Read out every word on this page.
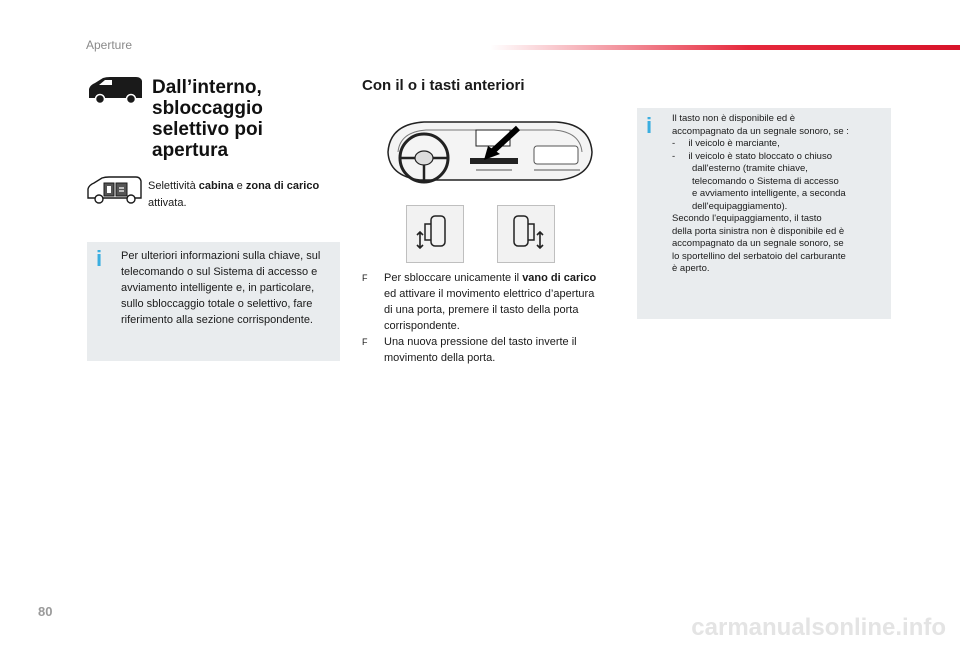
Aperture
Dall’interno, sbloccaggio selettivo poi apertura
Selettività cabina e zona di carico attivata.
i Per ulteriori informazioni sulla chiave, sul telecomando o sul Sistema di accesso e avviamento intelligente e, in particolare, sullo sbloccaggio totale o selettivo, fare riferimento alla sezione corrispondente.
Con il o i tasti anteriori
F	Per sbloccare unicamente il vano di carico ed attivare il movimento elettrico d’apertura di una porta, premere il tasto della porta corrispondente.
F	Una nuova pressione del tasto inverte il movimento della porta.
i Il tasto non è disponibile ed è
accompagnato da un segnale sonoro, se :
-     il veicolo è marciante,
-     il veicolo è stato bloccato o chiuso
dall'esterno (tramite chiave,
telecomando o Sistema di accesso
e avviamento intelligente, a seconda
dell'equipaggiamento).
Secondo l'equipaggiamento, il tasto
della porta sinistra non è disponibile ed è
accompagnato da un segnale sonoro, se
lo sportellino del serbatoio del carburante
è aperto.
80
carmanualsonline.info
